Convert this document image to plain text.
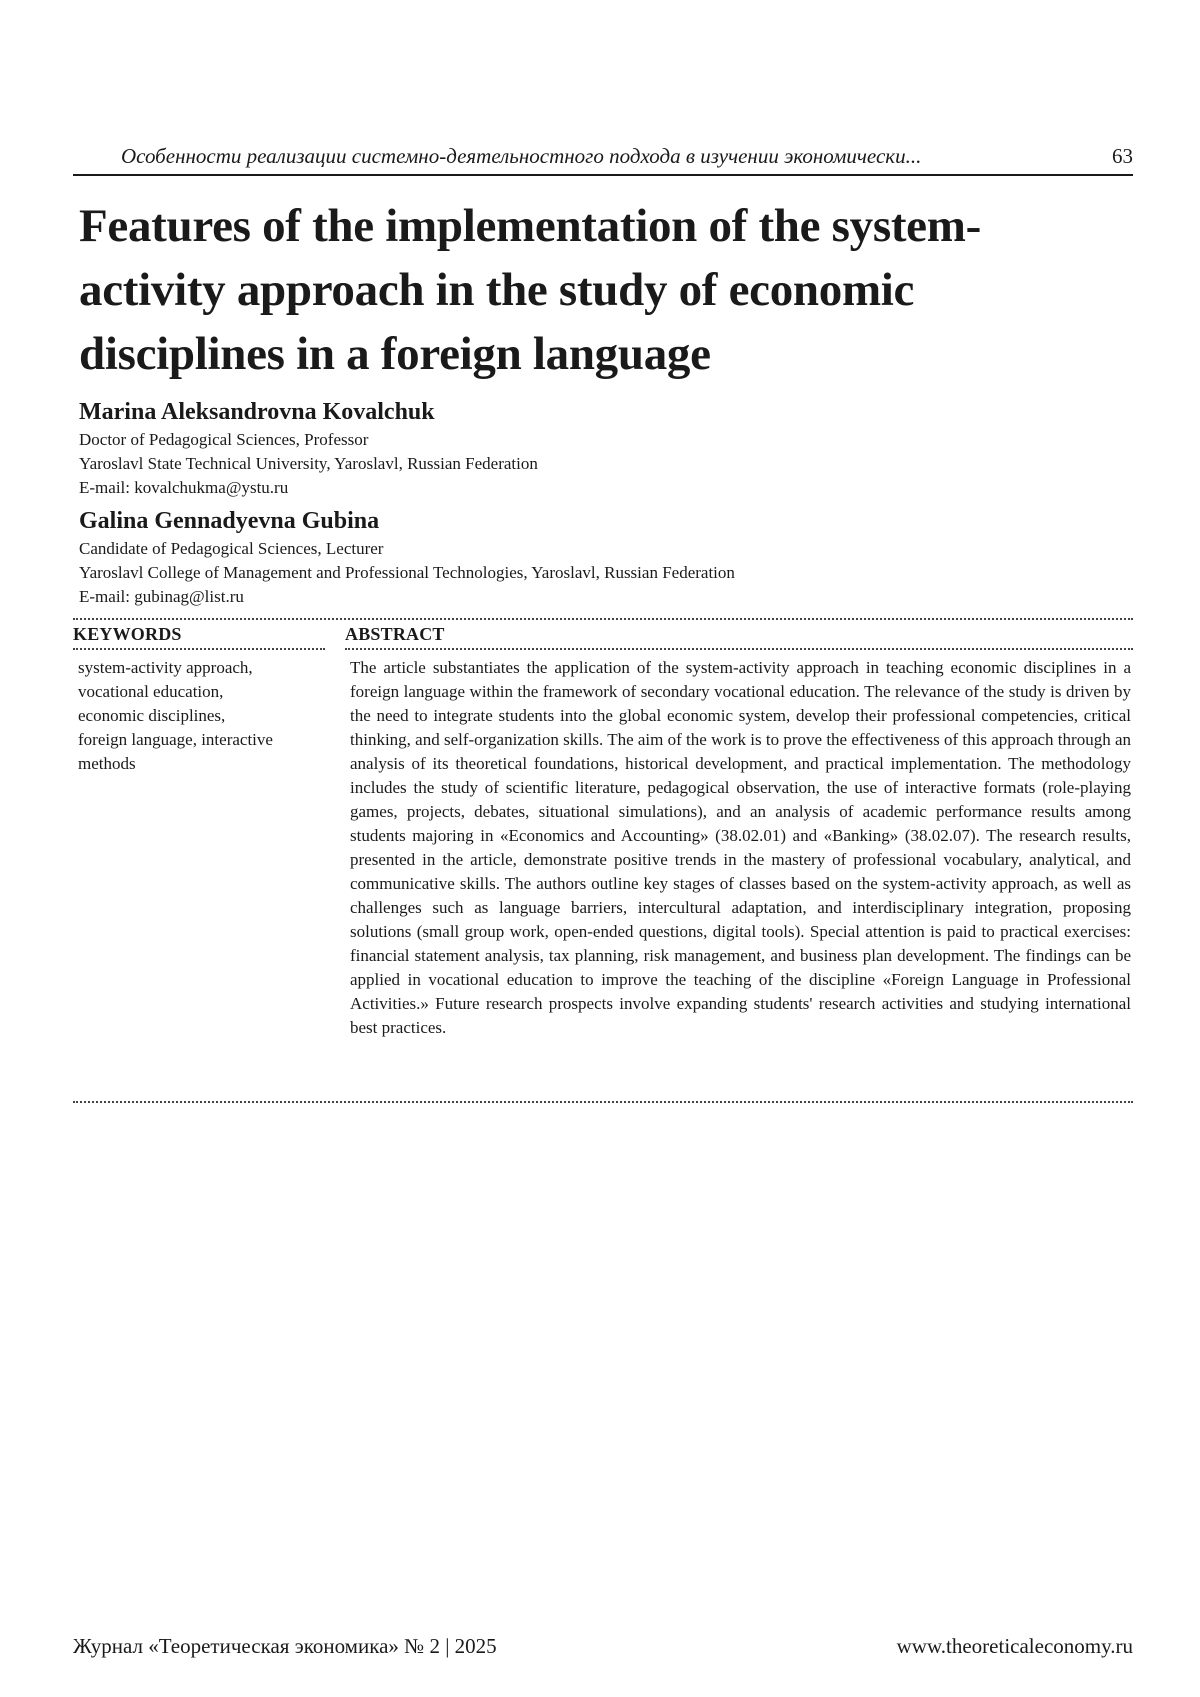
Особенности реализации системно-деятельностного подхода в изучении экономически...	63
Features of the implementation of the system-
activity approach in the study of economic
disciplines in a foreign language
Marina Aleksandrovna Kovalchuk
Doctor of Pedagogical Sciences, Professor
Yaroslavl State Technical University, Yaroslavl, Russian Federation
E-mail: kovalchukma@ystu.ru
Galina Gennadyevna Gubina
Candidate of Pedagogical Sciences, Lecturer
Yaroslavl College of Management and Professional Technologies, Yaroslavl, Russian Federation
E-mail: gubinag@list.ru
KEYWORDS	ABSTRACT
system-activity approach,
vocational education,
economic disciplines,
foreign language, interactive
methods
The article substantiates the application of the system-activity approach in teaching economic disciplines in a foreign language within the framework of secondary vocational education. The relevance of the study is driven by the need to integrate students into the global economic system, develop their professional competencies, critical thinking, and self-organization skills. The aim of the work is to prove the effectiveness of this approach through an analysis of its theoretical foundations, historical development, and practical implementation. The methodology includes the study of scientific literature, pedagogical observation, the use of interactive formats (role-playing games, projects, debates, situational simulations), and an analysis of academic performance results among students majoring in «Economics and Accounting» (38.02.01) and «Banking» (38.02.07). The research results, presented in the article, demonstrate positive trends in the mastery of professional vocabulary, analytical, and communicative skills. The authors outline key stages of classes based on the system-activity approach, as well as challenges such as language barriers, intercultural adaptation, and interdisciplinary integration, proposing solutions (small group work, open-ended questions, digital tools). Special attention is paid to practical exercises: financial statement analysis, tax planning, risk management, and business plan development. The findings can be applied in vocational education to improve the teaching of the discipline «Foreign Language in Professional Activities.» Future research prospects involve expanding students' research activities and studying international best practices.
Журнал «Теоретическая экономика» № 2 | 2025	www.theoreticaleconomy.ru
